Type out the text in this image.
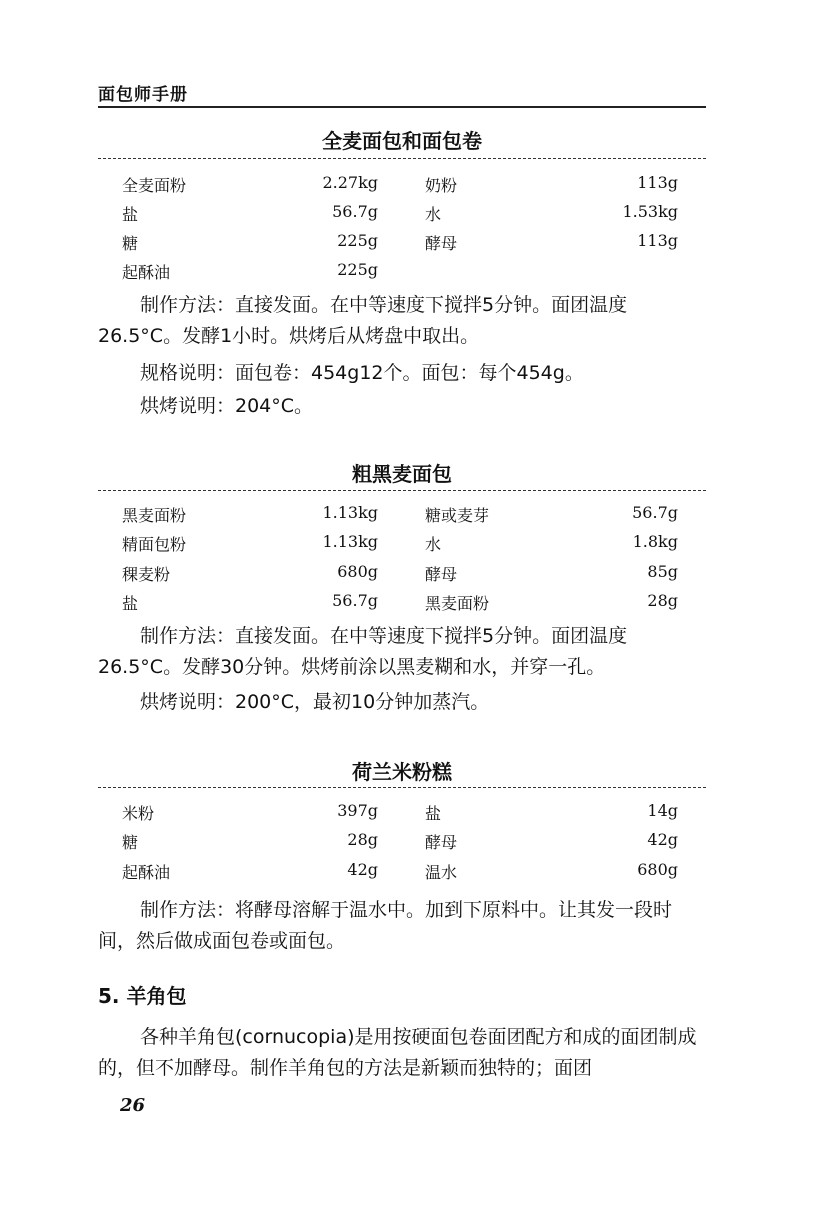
面包师手册
全麦面包和面包卷
全麦面粉	2.27kg	奶粉	113g
盐	56.7g	水	1.53kg
糖	225g	酵母	113g
起酥油	225g
制作方法：直接发面。在中等速度下搅拌5分钟。面团温度26.5°C。发酵1小时。烘烤后从烤盘中取出。
规格说明：面包卷：454g12个。面包：每个454g。
烘烤说明：204°C。
粗黑麦面包
黑麦面粉	1.13kg	糖或麦芽	56.7g
精面包粉	1.13kg	水	1.8kg
稞麦粉	680g	酵母	85g
盐	56.7g	黑麦面粉	28g
制作方法：直接发面。在中等速度下搅拌5分钟。面团温度26.5°C。发酵30分钟。烘烤前涂以黑麦糊和水，并穿一孔。
烘烤说明：200°C，最初10分钟加蒸汽。
荷兰米粉糕
米粉	397g	盐	14g
糖	28g	酵母	42g
起酥油	42g	温水	680g
制作方法：将酵母溶解于温水中。加到下原料中。让其发一段时间，然后做成面包卷或面包。
5. 羊角包
各种羊角包(cornucopia)是用按硬面包卷面团配方和成的面团制成的，但不加酵母。制作羊角包的方法是新颖而独特的；面团
26
